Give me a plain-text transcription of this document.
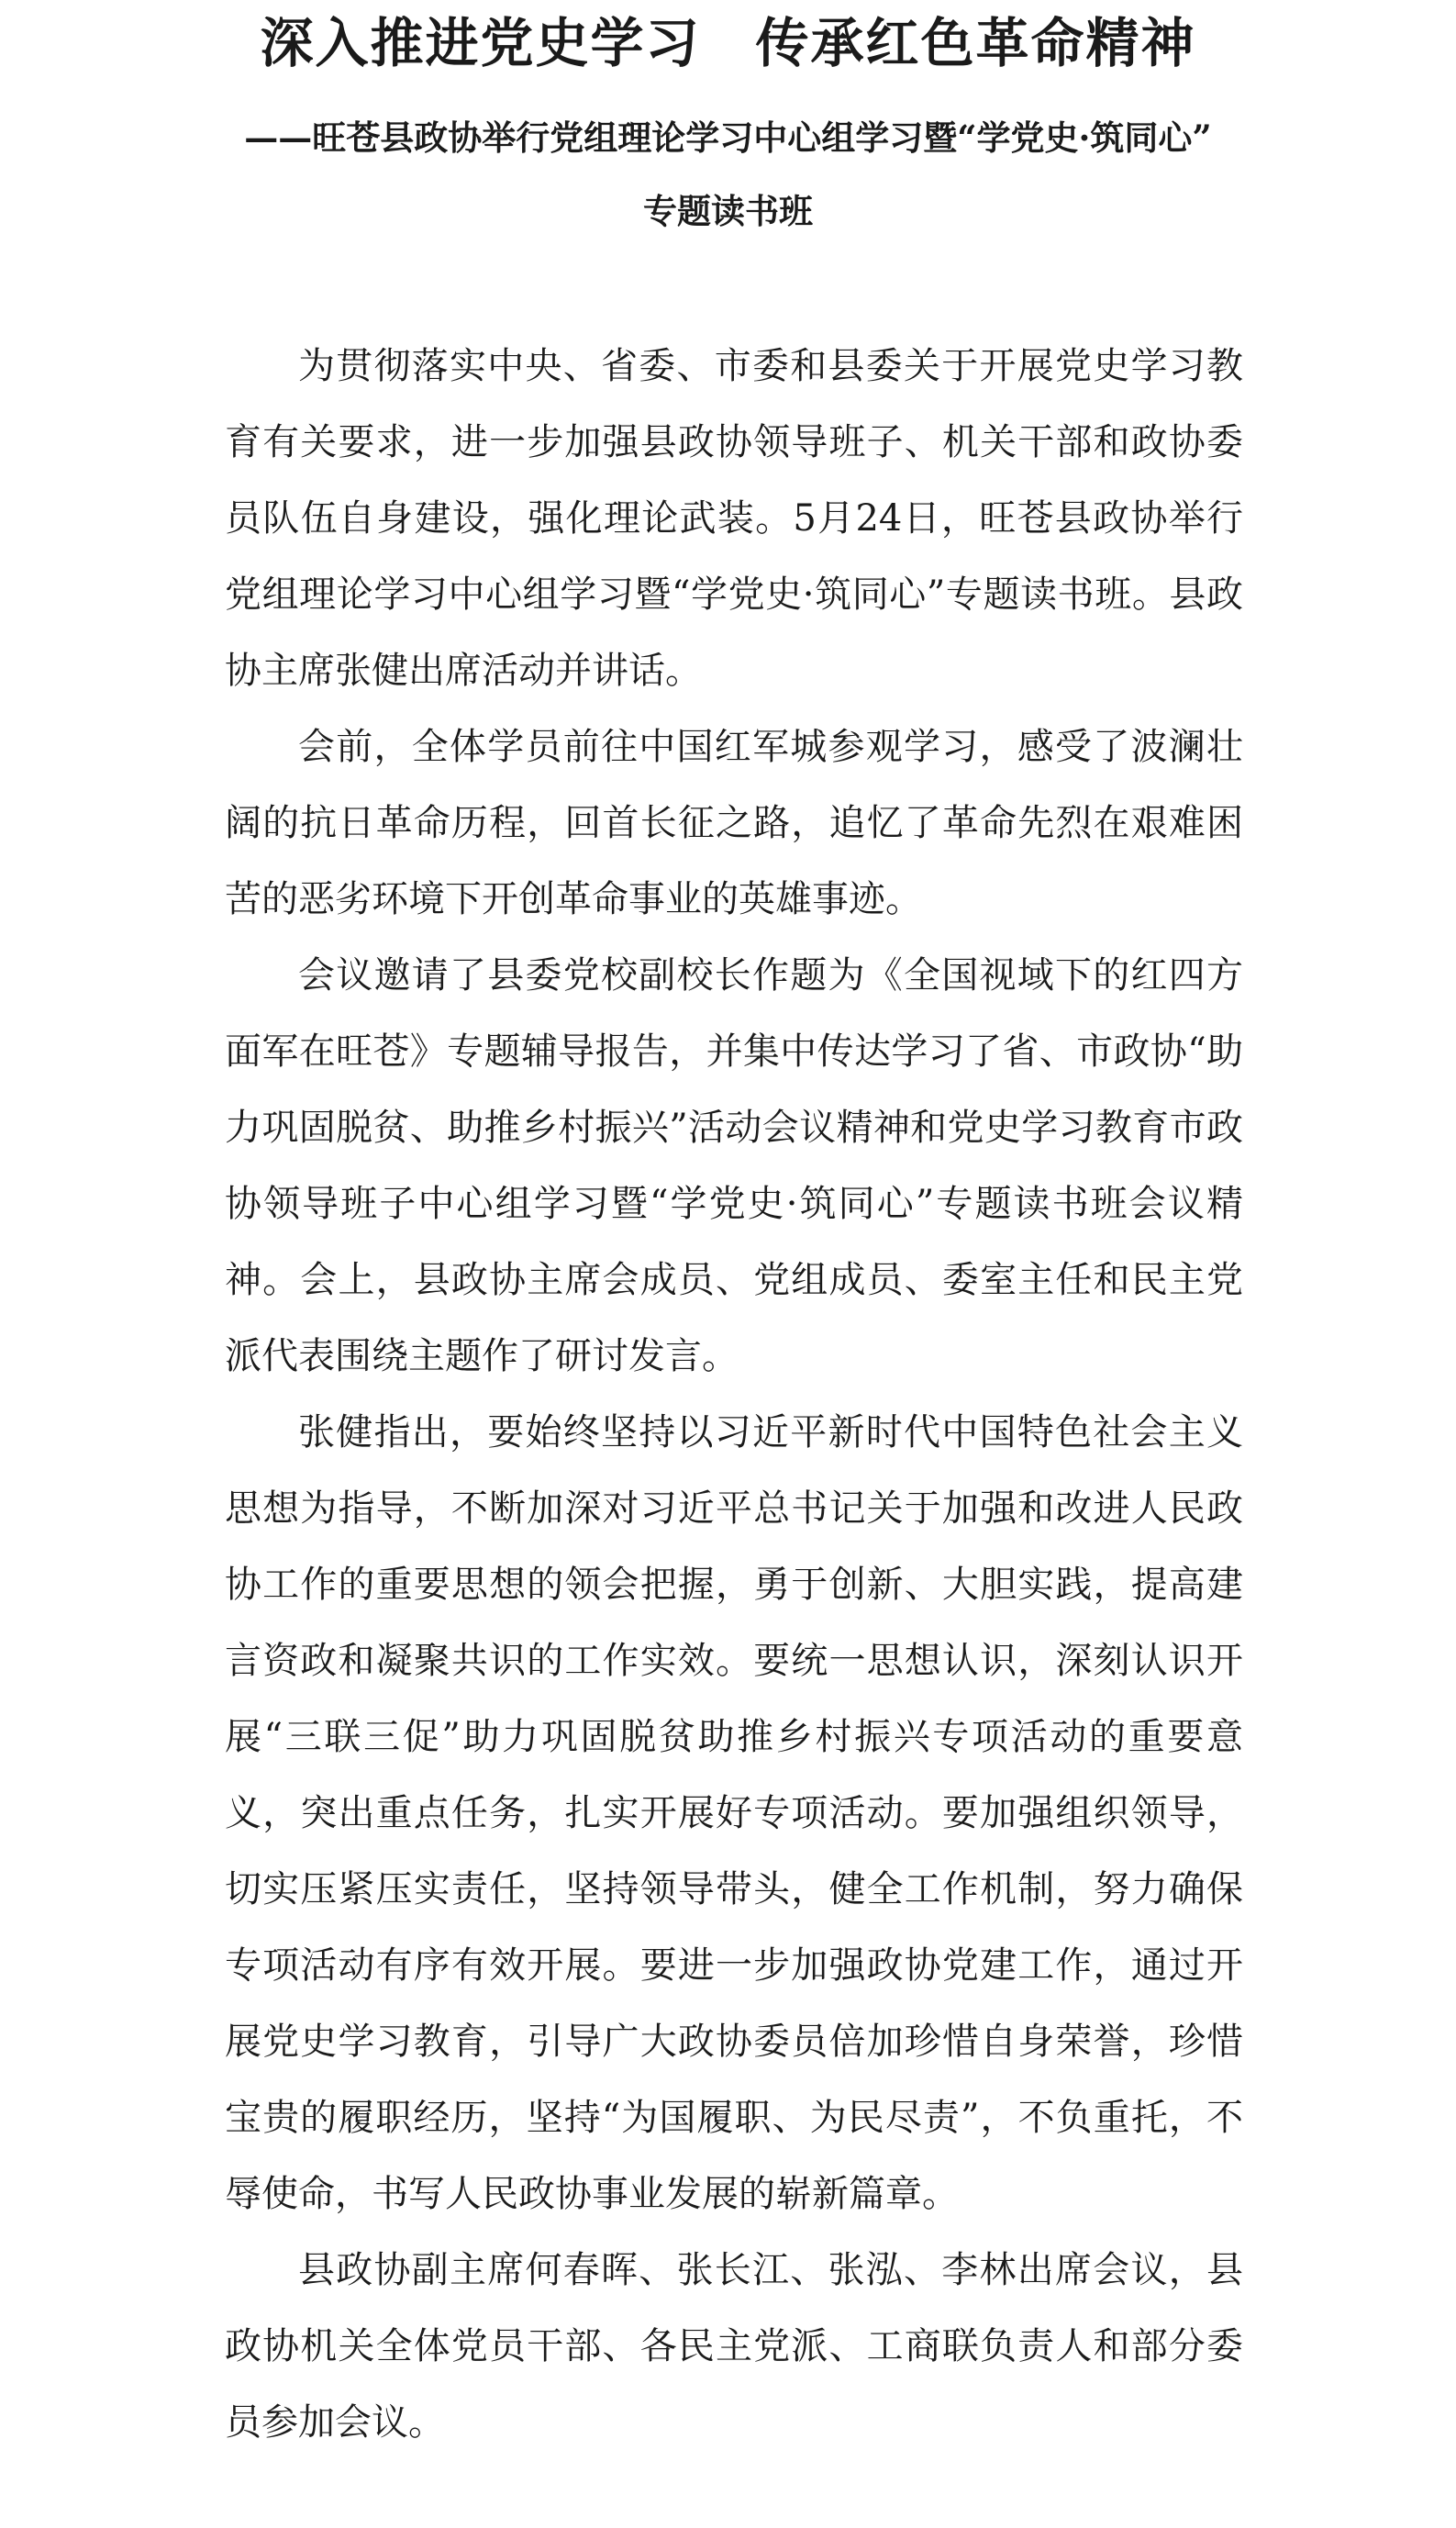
深入推进党史学习 传承红色革命精神
——旺苍县政协举行党组理论学习中心组学习暨“学党史·筑同心”
专题读书班

为贯彻落实中央、省委、市委和县委关于开展党史学习教育有关要求，进一步加强县政协领导班子、机关干部和政协委员队伍自身建设，强化理论武装。5月24日，旺苍县政协举行党组理论学习中心组学习暨“学党史·筑同心”专题读书班。县政协主席张健出席活动并讲话。

会前，全体学员前往中国红军城参观学习，感受了波澜壮阔的抗日革命历程，回首长征之路，追忆了革命先烈在艰难困苦的恶劣环境下开创革命事业的英雄事迹。

会议邀请了县委党校副校长作题为《全国视域下的红四方面军在旺苍》专题辅导报告，并集中传达学习了省、市政协“助力巩固脱贫、助推乡村振兴”活动会议精神和党史学习教育市政协领导班子中心组学习暨“学党史·筑同心”专题读书班会议精神。会上，县政协主席会成员、党组成员、委室主任和民主党派代表围绕主题作了研讨发言。

张健指出，要始终坚持以习近平新时代中国特色社会主义思想为指导，不断加深对习近平总书记关于加强和改进人民政协工作的重要思想的领会把握，勇于创新、大胆实践，提高建言资政和凝聚共识的工作实效。要统一思想认识，深刻认识开展“三联三促”助力巩固脱贫助推乡村振兴专项活动的重要意义，突出重点任务，扎实开展好专项活动。要加强组织领导，切实压紧压实责任，坚持领导带头，健全工作机制，努力确保专项活动有序有效开展。要进一步加强政协党建工作，通过开展党史学习教育，引导广大政协委员倍加珍惜自身荣誉，珍惜宝贵的履职经历，坚持“为国履职、为民尽责”，不负重托，不辱使命，书写人民政协事业发展的崭新篇章。

县政协副主席何春晖、张长江、张泓、李林出席会议，县政协机关全体党员干部、各民主党派、工商联负责人和部分委员参加会议。
